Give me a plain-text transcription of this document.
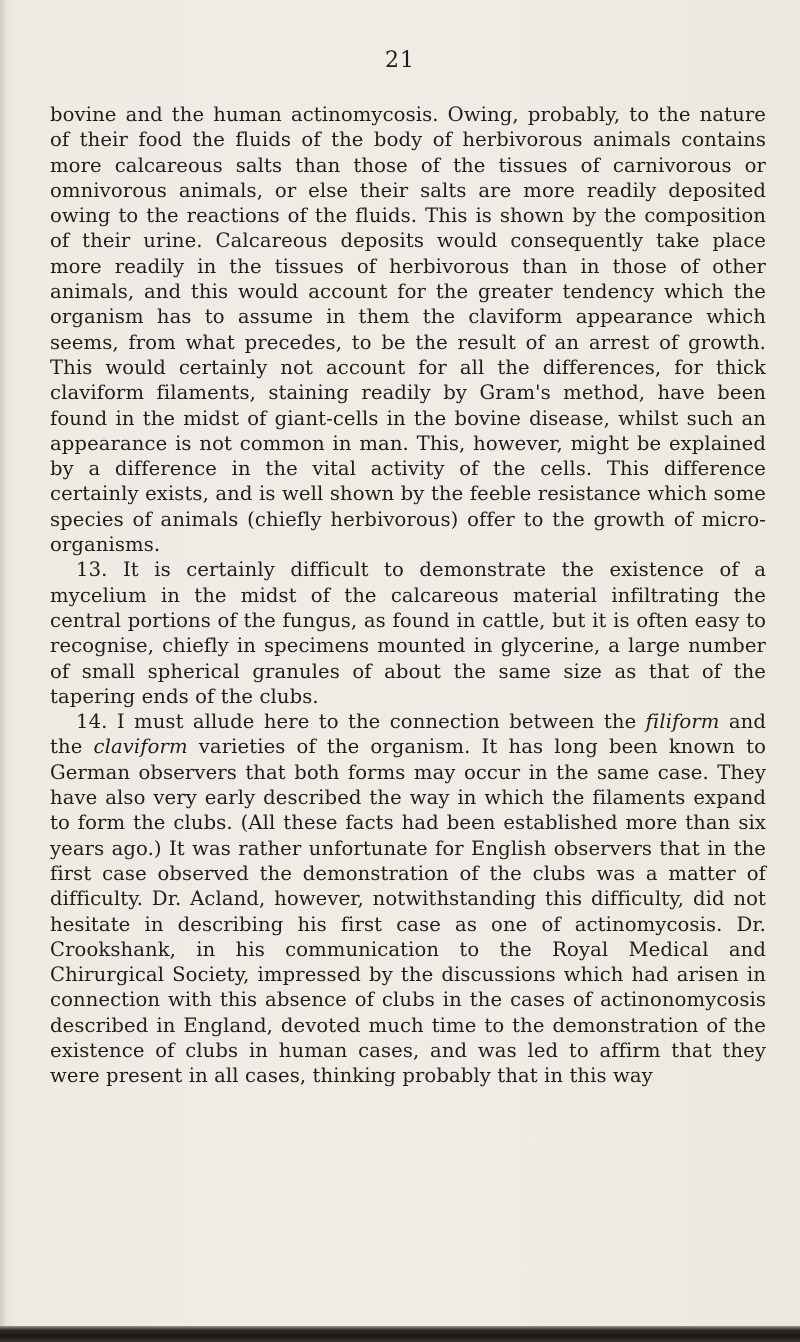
21

bovine and the human actinomycosis. Owing, probably, to the nature of their food the fluids of the body of herbivorous animals contains more calcareous salts than those of the tissues of carnivorous or omnivorous animals, or else their salts are more readily deposited owing to the reactions of the fluids. This is shown by the composition of their urine. Calcareous deposits would consequently take place more readily in the tissues of herbivorous than in those of other animals, and this would account for the greater tendency which the organism has to assume in them the claviform appearance which seems, from what precedes, to be the result of an arrest of growth. This would certainly not account for all the differences, for thick claviform filaments, staining readily by Gram's method, have been found in the midst of giant-cells in the bovine disease, whilst such an appearance is not common in man. This, however, might be explained by a difference in the vital activity of the cells. This difference certainly exists, and is well shown by the feeble resistance which some species of animals (chiefly herbivorous) offer to the growth of micro-organisms.

13. It is certainly difficult to demonstrate the existence of a mycelium in the midst of the calcareous material infiltrating the central portions of the fungus, as found in cattle, but it is often easy to recognise, chiefly in specimens mounted in glycerine, a large number of small spherical granules of about the same size as that of the tapering ends of the clubs.

14. I must allude here to the connection between the filiform and the claviform varieties of the organism. It has long been known to German observers that both forms may occur in the same case. They have also very early described the way in which the filaments expand to form the clubs. (All these facts had been established more than six years ago.) It was rather unfortunate for English observers that in the first case observed the demonstration of the clubs was a matter of difficulty. Dr. Acland, however, notwithstanding this difficulty, did not hesitate in describing his first case as one of actinomycosis. Dr. Crookshank, in his communication to the Royal Medical and Chirurgical Society, impressed by the discussions which had arisen in connection with this absence of clubs in the cases of actinonomycosis described in England, devoted much time to the demonstration of the existence of clubs in human cases, and was led to affirm that they were present in all cases, thinking probably that in this way
